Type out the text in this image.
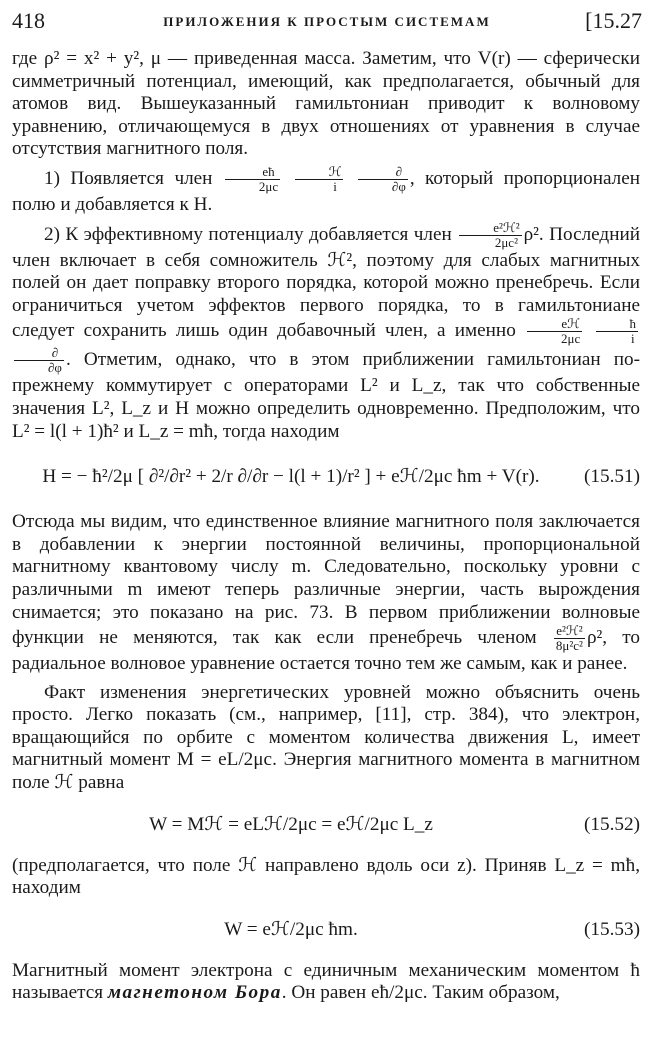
418	ПРИЛОЖЕНИЯ К ПРОСТЫМ СИСТЕМАМ	[15.27

где ρ² = x² + y², μ — приведенная масса. Заметим, что V(r) — сферически симметричный потенциал, имеющий, как предполагается, обычный для атомов вид. Вышеуказанный гамильтониан приводит к волновому уравнению, отличающемуся в двух отношениях от уравнения в случае отсутствия магнитного поля.

1) Появляется член $\frac{eħ}{2\mu c}$
$\frac{\text{ℋ}}{i}$
$\frac{\partial}{\partial\varphi}$ , который пропорционален полю и добавляется к H.

2) К эффективному потенциалу добавляется член $\frac{\text{e²ℋ²}}{\text{2μc²}} \rho^2$. Последний член включает в себя сомножитель ℋ², поэтому для слабых магнитных полей он дает поправку второго порядка, которой можно пренебречь. Если ограничиться учетом эффектов первого порядка, то в гамильтониане следует сохранить лишь один добавочный член, а именно $\frac{\text{eℋ}}{2\mu c}$
$\frac{ħ}{i}$

$\frac{\partial}{\partial\varphi}$ . Отметим, однако, что в этом приближении гамильтониан по-прежнему коммутирует с операторами L² и L_z, так что собственные значения L², L_z и H можно определить одновременно. Предположим, что L² = l(l + 1)ħ² и L_z = mħ, тогда находим

H = − ħ²/2μ [ ∂²/∂r² + 2/r ∂/∂r − l(l + 1)/r² ] + eℋ/2μc ħm + V(r).	(15.51)

Отсюда мы видим, что единственное влияние магнитного поля заключается в добавлении к энергии постоянной величины, пропорциональной магнитному квантовому числу m. Следовательно, поскольку уровни с различными m имеют теперь различные энергии, часть вырождения снимается; это показано на рис. 73. В первом приближении волновые функции не меняются, так как если пренебречь членом $\frac{\text{e²ℋ²}}{\text{8μ²c²}} \rho^2$, то радиальное волновое уравнение остается точно тем же самым, как и ранее.

Факт изменения энергетических уровней можно объяснить очень просто. Легко показать (см., например, [11], стр. 384), что электрон, вращающийся по орбите с моментом количества движения L, имеет магнитный момент M = eL/2μc. Энергия магнитного момента в магнитном поле ℋ равна

W = Mℋ = eLℋ/2μc = eℋ/2μc L_z	(15.52)

(предполагается, что поле ℋ направлено вдоль оси z). Приняв L_z = mħ, находим

W = eℋ/2μc ħm.	(15.53)

Магнитный момент электрона с единичным механическим моментом ħ называется магнетоном Бора. Он равен eħ/2μc. Таким образом,
